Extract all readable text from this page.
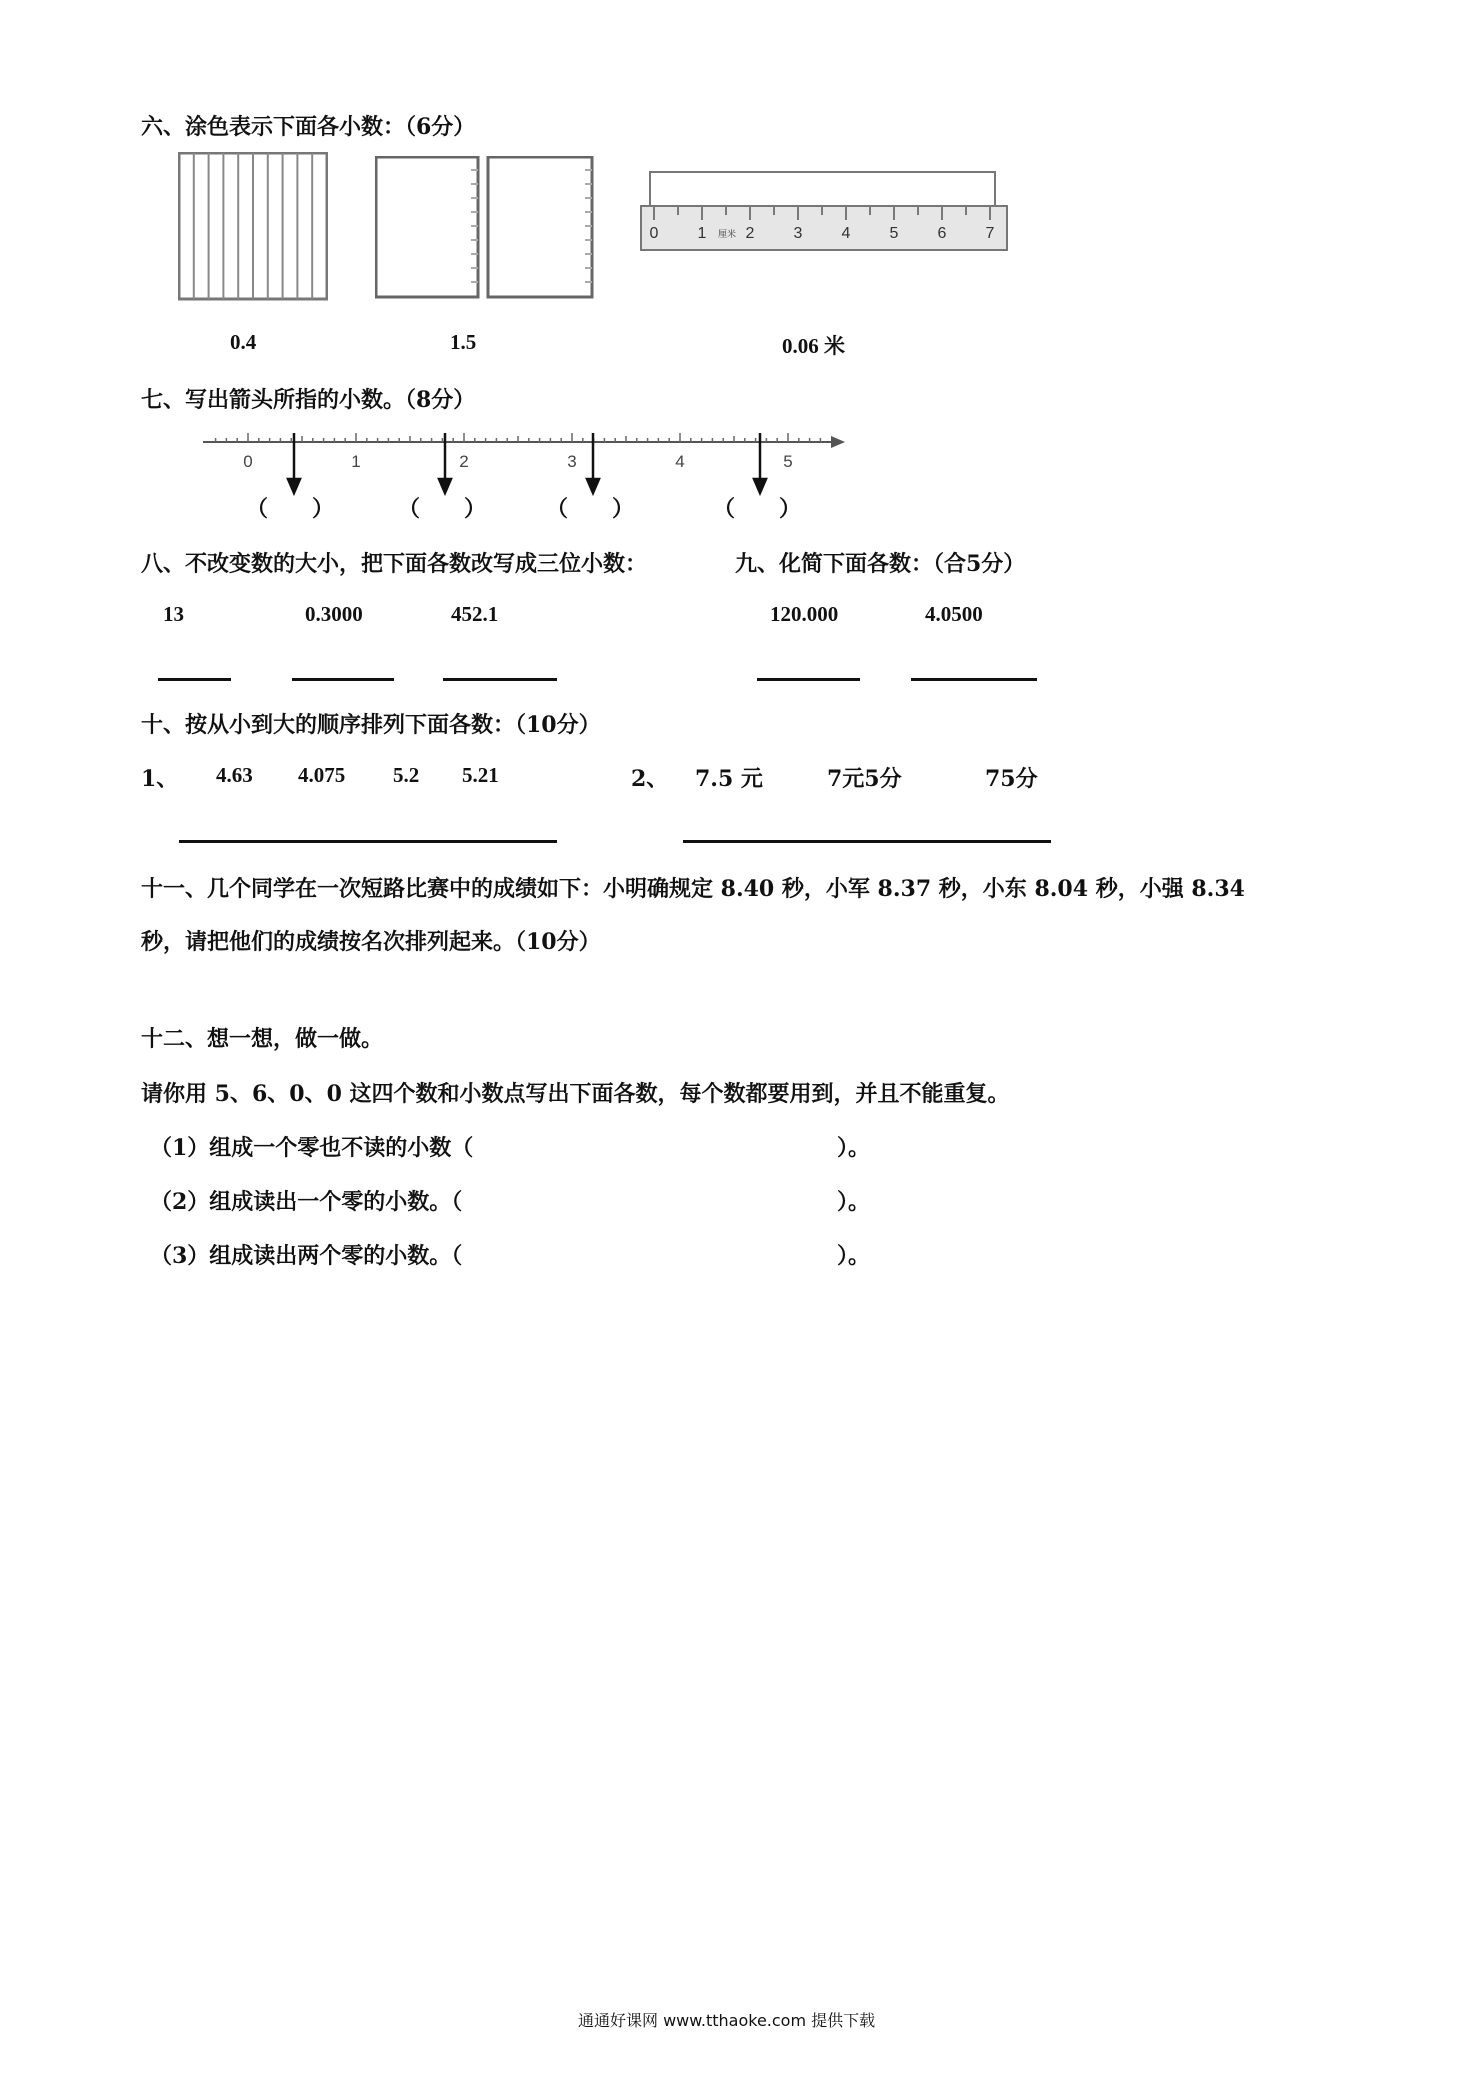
六、涂色表示下面各小数：（6分）
0 1 2 3 4 5 6 7
厘米
0.4	1.5	0.06 米
七、写出箭头所指的小数。（8分）
0	1	2	3	4	5
（　　）	（　　）	（　　）	（　　）
八、不改变数的大小，把下面各数改写成三位小数：	九、化简下面各数：（合5分）
13	0.3000	452.1	120.000	4.0500
十、按从小到大的顺序排列下面各数：（10分）
1、 4.63 4.075 5.2 5.21	2、 7.5 元	7元5分	75分
十一、几个同学在一次短路比赛中的成绩如下：小明确规定 8.40 秒，小军 8.37 秒，小东 8.04 秒，小强 8.34
秒，请把他们的成绩按名次排列起来。（10分）
十二、想一想，做一做。
请你用 5、6、0、0 这四个数和小数点写出下面各数，每个数都要用到，并且不能重复。
（1）组成一个零也不读的小数（	）。
（2）组成读出一个零的小数。（	）。
（3）组成读出两个零的小数。（	）。
通通好课网 www.tthaoke.com 提供下载
